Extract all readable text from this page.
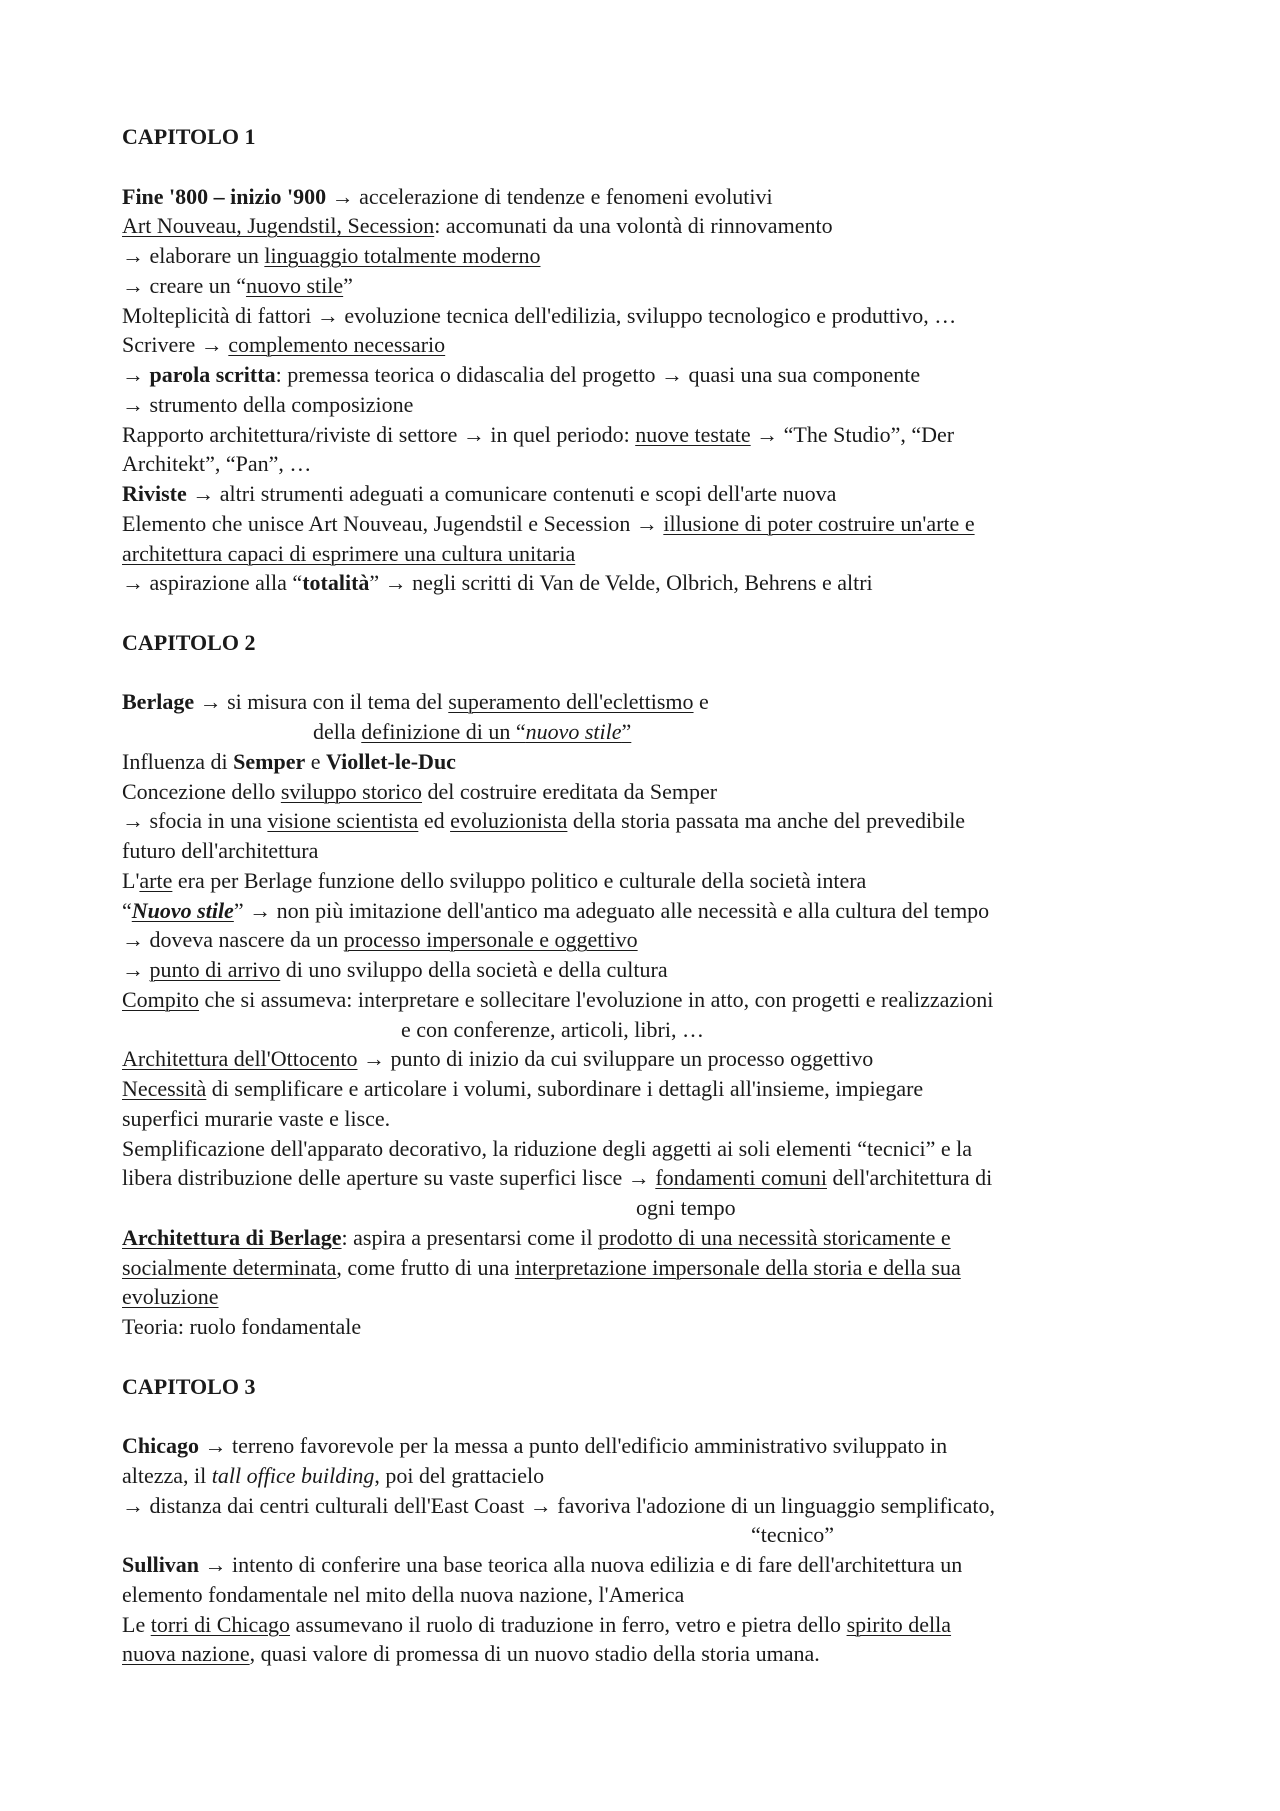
CAPITOLO 1
Fine '800 – inizio '900 → accelerazione di tendenze e fenomeni evolutivi
Art Nouveau, Jugendstil, Secession: accomunati da una volontà di rinnovamento
→ elaborare un linguaggio totalmente moderno
→ creare un “nuovo stile”
Molteplicità di fattori → evoluzione tecnica dell'edilizia, sviluppo tecnologico e produttivo, …
Scrivere → complemento necessario
→ parola scritta: premessa teorica o didascalia del progetto → quasi una sua componente
→ strumento della composizione
Rapporto architettura/riviste di settore → in quel periodo: nuove testate → “The Studio”, “Der
Architekt”, “Pan”, …
Riviste → altri strumenti adeguati a comunicare contenuti e scopi dell'arte nuova
Elemento che unisce Art Nouveau, Jugendstil e Secession → illusione di poter costruire un'arte e
architettura capaci di esprimere una cultura unitaria
→ aspirazione alla “totalità” → negli scritti di Van de Velde, Olbrich, Behrens e altri
CAPITOLO 2
Berlage → si misura con il tema del superamento dell'eclettismo e
della definizione di un “nuovo stile”
Influenza di Semper e Viollet-le-Duc
Concezione dello sviluppo storico del costruire ereditata da Semper
→ sfocia in una visione scientista ed evoluzionista della storia passata ma anche del prevedibile
futuro dell'architettura
L'arte era per Berlage funzione dello sviluppo politico e culturale della società intera
“Nuovo stile” → non più imitazione dell'antico ma adeguato alle necessità e alla cultura del tempo
→ doveva nascere da un processo impersonale e oggettivo
→ punto di arrivo di uno sviluppo della società e della cultura
Compito che si assumeva: interpretare e sollecitare l'evoluzione in atto, con progetti e realizzazioni
e con conferenze, articoli, libri, …
Architettura dell'Ottocento → punto di inizio da cui sviluppare un processo oggettivo
Necessità di semplificare e articolare i volumi, subordinare i dettagli all'insieme, impiegare
superfici murarie vaste e lisce.
Semplificazione dell'apparato decorativo, la riduzione degli aggetti ai soli elementi “tecnici” e la
libera distribuzione delle aperture su vaste superfici lisce → fondamenti comuni dell'architettura di
ogni tempo
Architettura di Berlage: aspira a presentarsi come il prodotto di una necessità storicamente e
socialmente determinata, come frutto di una interpretazione impersonale della storia e della sua
evoluzione
Teoria: ruolo fondamentale
CAPITOLO 3
Chicago → terreno favorevole per la messa a punto dell'edificio amministrativo sviluppato in
altezza, il tall office building, poi del grattacielo
→ distanza dai centri culturali dell'East Coast → favoriva l'adozione di un linguaggio semplificato,
“tecnico”
Sullivan → intento di conferire una base teorica alla nuova edilizia e di fare dell'architettura un
elemento fondamentale nel mito della nuova nazione, l'America
Le torri di Chicago assumevano il ruolo di traduzione in ferro, vetro e pietra dello spirito della
nuova nazione, quasi valore di promessa di un nuovo stadio della storia umana.
